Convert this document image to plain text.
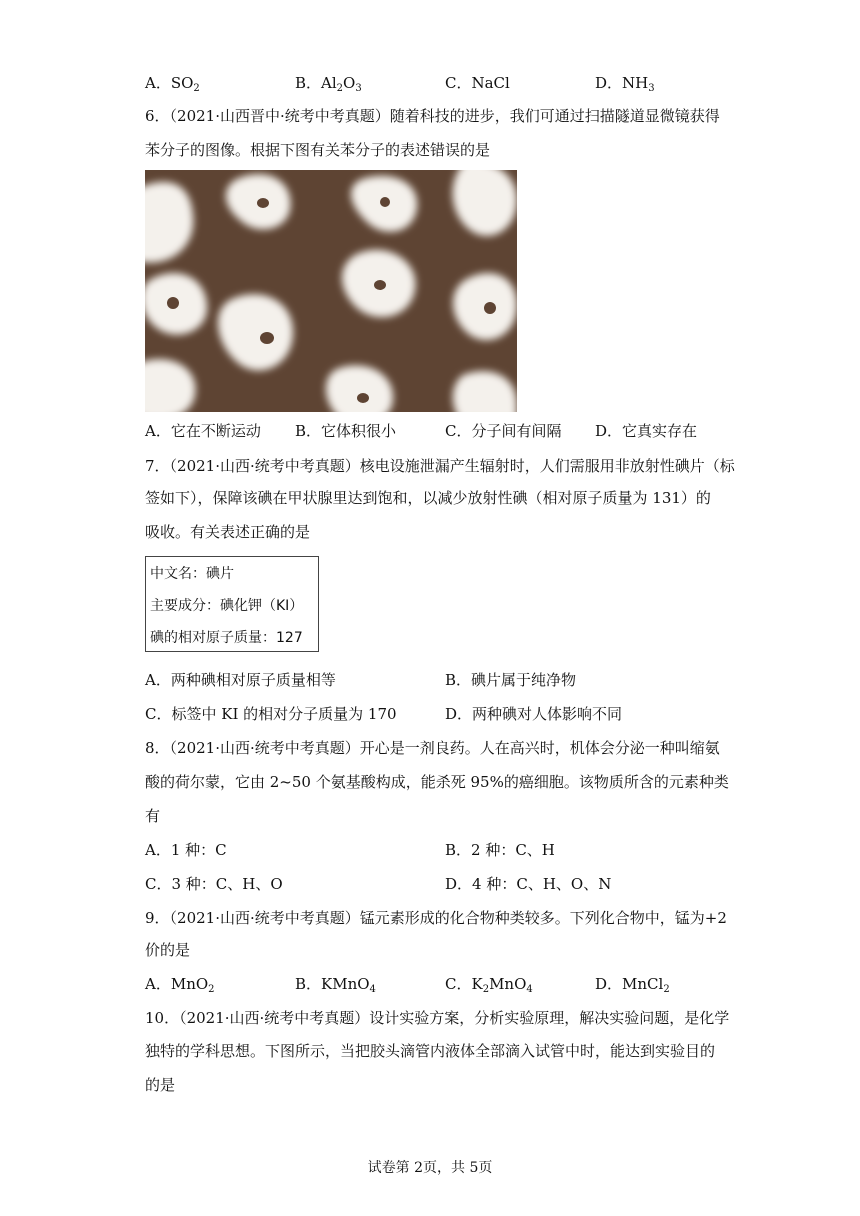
A．$SO_2$	B．$Al_2O_3$	C．NaCl	D．$NH_3$
6．（2021·山西晋中·统考中考真题）随着科技的进步，我们可通过扫描隧道显微镜获得
苯分子的图像。根据下图有关苯分子的表述错误的是
A．它在不断运动 B．它体积很小	C．分子间有间隔 D．它真实存在
7．（2021·山西·统考中考真题）核电设施泄漏产生辐射时，人们需服用非放射性碘片（标
签如下），保障该碘在甲状腺里达到饱和，以减少放射性碘（相对原子质量为 131）的
吸收。有关表述正确的是
中文名：碘片
主要成分：碘化钾（KI）
碘的相对原子质量：127
A．两种碘相对原子质量相等	B．碘片属于纯净物
C．标签中 KI 的相对分子质量为 170	D．两种碘对人体影响不同
8．（2021·山西·统考中考真题）开心是一剂良药。人在高兴时，机体会分泌一种叫缩氨
酸的荷尔蒙，它由 2~50 个氨基酸构成，能杀死 95%的癌细胞。该物质所含的元素种类
有
A．1 种：C	B．2 种：C、H
C．3 种：C、H、O	D．4 种：C、H、O、N
9．（2021·山西·统考中考真题）锰元素形成的化合物种类较多。下列化合物中，锰为+2
价的是
A．MnO$_2$	B．KMnO$_4$	C．$K_2MnO_4$	D．MnCl$_2$
10．（2021·山西·统考中考真题）设计实验方案，分析实验原理，解决实验问题，是化学
独特的学科思想。下图所示，当把胶头滴管内液体全部滴入试管中时，能达到实验目的
的是
试卷第 2页，共 5页
